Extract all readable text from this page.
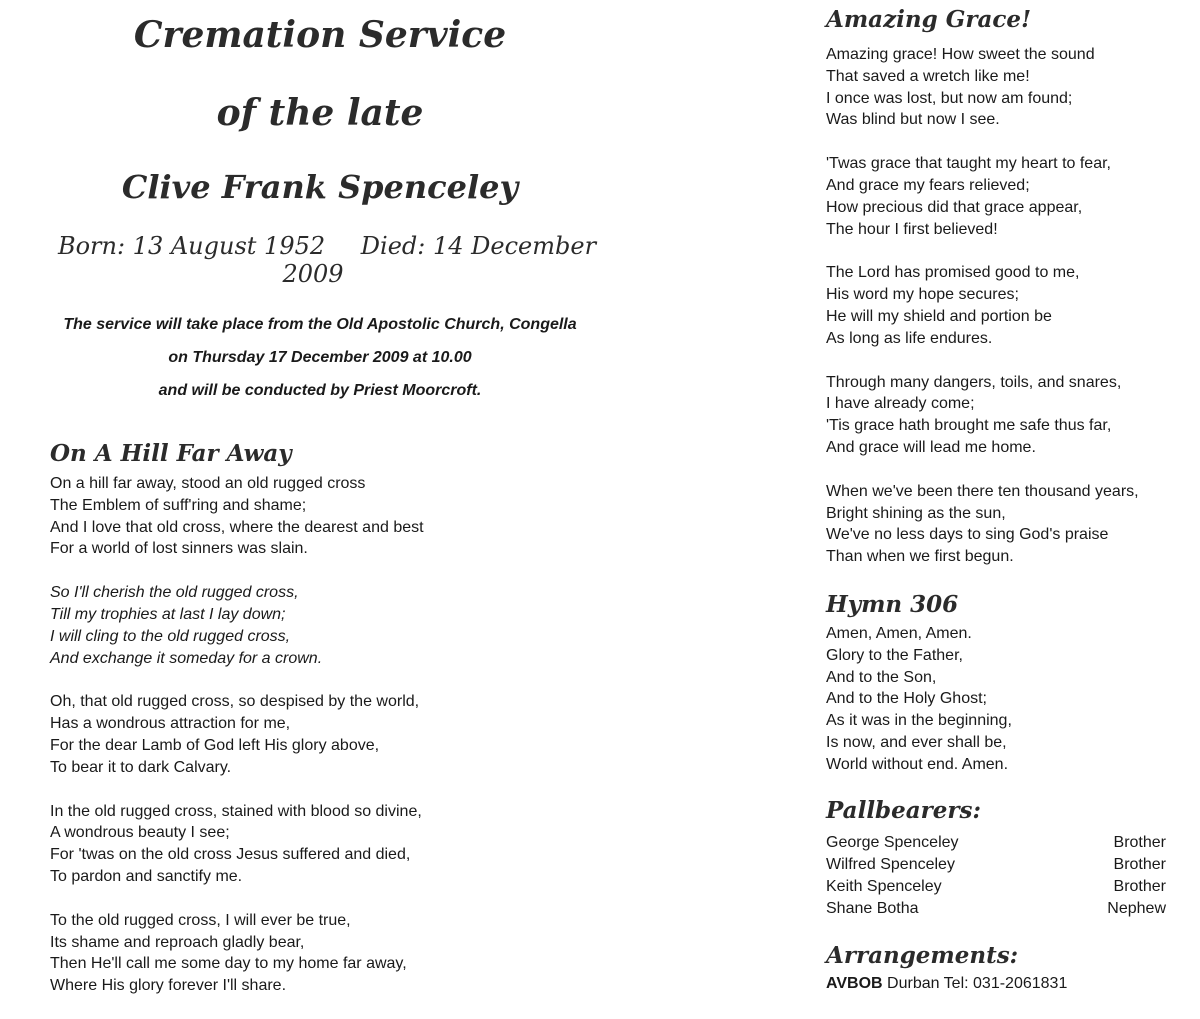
Cremation Service
of the late
Clive Frank Spenceley
Born: 13 August 1952 Died: 14 December 2009
The service will take place from the Old Apostolic Church, Congella
on Thursday 17 December 2009 at 10.00
and will be conducted by Priest Moorcroft.
On A Hill Far Away
On a hill far away, stood an old rugged cross
The Emblem of suff'ring and shame;
And I love that old cross, where the dearest and best
For a world of lost sinners was slain.
So I'll cherish the old rugged cross,
Till my trophies at last I lay down;
I will cling to the old rugged cross,
And exchange it someday for a crown.
Oh, that old rugged cross, so despised by the world,
Has a wondrous attraction for me,
For the dear Lamb of God left His glory above,
To bear it to dark Calvary.
In the old rugged cross, stained with blood so divine,
A wondrous beauty I see;
For 'twas on the old cross Jesus suffered and died,
To pardon and sanctify me.
To the old rugged cross, I will ever be true,
Its shame and reproach gladly bear,
Then He'll call me some day to my home far away,
Where His glory forever I'll share.
Amazing Grace!
Amazing grace! How sweet the sound
That saved a wretch like me!
I once was lost, but now am found;
Was blind but now I see.
'Twas grace that taught my heart to fear,
And grace my fears relieved;
How precious did that grace appear,
The hour I first believed!
The Lord has promised good to me,
His word my hope secures;
He will my shield and portion be
As long as life endures.
Through many dangers, toils, and snares,
I have already come;
'Tis grace hath brought me safe thus far,
And grace will lead me home.
When we've been there ten thousand years,
Bright shining as the sun,
We've no less days to sing God's praise
Than when we first begun.
Hymn 306
Amen, Amen, Amen.
Glory to the Father,
And to the Son,
And to the Holy Ghost;
As it was in the beginning,
Is now, and ever shall be,
World without end. Amen.
Pallbearers:
George Spenceley	Brother
Wilfred Spenceley	Brother
Keith Spenceley	Brother
Shane Botha	Nephew
Arrangements:
AVBOB Durban Tel: 031-2061831
